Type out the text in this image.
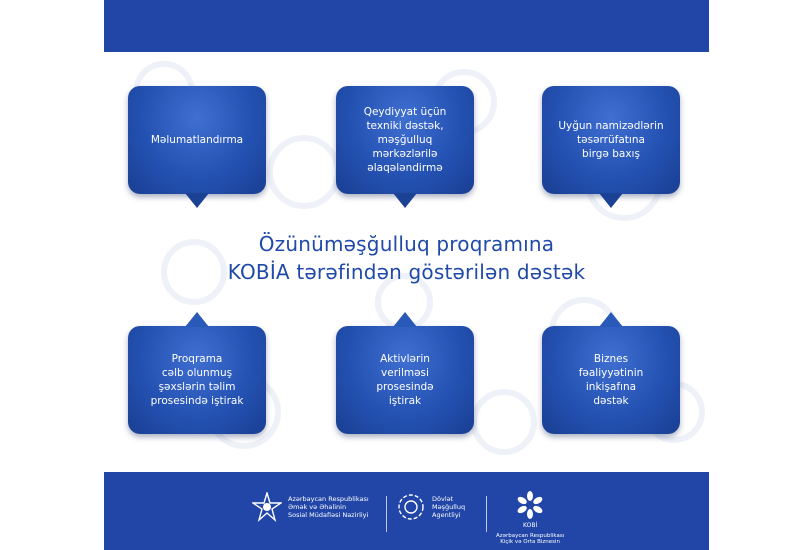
Məlumatlandırma
Qeydiyyat üçün
texniki dəstək,
məşğulluq
mərkəzlərilə
əlaqələndirmə
Uyğun namizədlərin
təsərrüfatına
birgə baxış
Özünüməşğulluq proqramına
KOBİA tərəfindən göstərilən dəstək
Proqrama
cəlb olunmuş
şəxslərin təlim
prosesində iştirak
Aktivlərin
verilməsi
prosesində
iştirak
Biznes
fəaliyyətinin
inkişafına
dəstək
Azərbaycan Respublikası
Əmək və Əhalinin
Sosial Müdafiəsi Nazirliyi
Dövlət
Məşğulluq
Agentliyi
KOBİ
Azərbaycan Respublikası
Kiçik və Orta Biznesin
